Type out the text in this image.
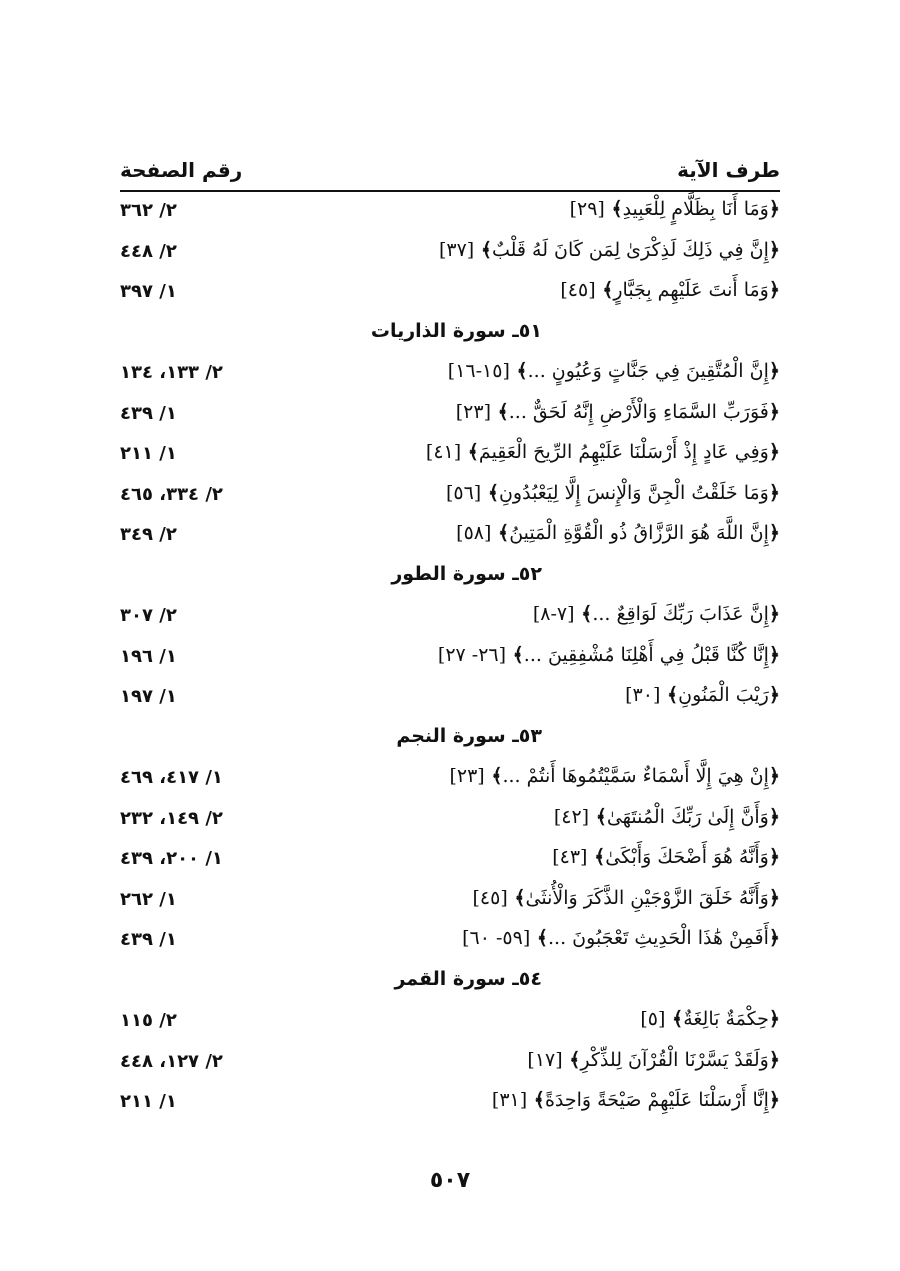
طرف الآية
رقم الصفحة
﴿وَمَا أَنَا بِظَلَّامٍ لِلْعَبِيدِ﴾ [٢٩]
٢/ ٣٦٢
﴿إِنَّ فِي ذَلِكَ لَذِكْرَىٰ لِمَن كَانَ لَهُ قَلْبٌ﴾ [٣٧]
٢/ ٤٤٨
﴿وَمَا أَنتَ عَلَيْهِم بِجَبَّارٍ﴾ [٤٥]
١/ ٣٩٧
٥١ـ سورة الذاريات
﴿إِنَّ الْمُتَّقِينَ فِي جَنَّاتٍ وَعُيُونٍ ...﴾ [١٥-١٦]
٢/ ١٣٣، ١٣٤
﴿فَوَرَبِّ السَّمَاءِ وَالْأَرْضِ إِنَّهُ لَحَقٌّ ...﴾ [٢٣]
١/ ٤٣٩
﴿وَفِي عَادٍ إِذْ أَرْسَلْنَا عَلَيْهِمُ الرِّيحَ الْعَقِيمَ﴾ [٤١]
١/ ٢١١
﴿وَمَا خَلَقْتُ الْجِنَّ وَالْإِنسَ إِلَّا لِيَعْبُدُونِ﴾ [٥٦]
٢/ ٣٣٤، ٤٦٥
﴿إِنَّ اللَّهَ هُوَ الرَّزَّاقُ ذُو الْقُوَّةِ الْمَتِينُ﴾ [٥٨]
٢/ ٣٤٩
٥٢ـ سورة الطور
﴿إِنَّ عَذَابَ رَبِّكَ لَوَاقِعٌ ...﴾ [٧-٨]
٢/ ٣٠٧
﴿إِنَّا كُنَّا قَبْلُ فِي أَهْلِنَا مُشْفِقِينَ ...﴾ [٢٦- ٢٧]
١/ ١٩٦
﴿رَيْبَ الْمَنُونِ﴾ [٣٠]
١/ ١٩٧
٥٣ـ سورة النجم
﴿إِنْ هِيَ إِلَّا أَسْمَاءٌ سَمَّيْتُمُوهَا أَنتُمْ ...﴾ [٢٣]
١/ ٤١٧، ٤٦٩
﴿وَأَنَّ إِلَىٰ رَبِّكَ الْمُنتَهَىٰ﴾ [٤٢]
٢/ ١٤٩، ٢٣٢
﴿وَأَنَّهُ هُوَ أَضْحَكَ وَأَبْكَىٰ﴾ [٤٣]
١/ ٢٠٠، ٤٣٩
﴿وَأَنَّهُ خَلَقَ الزَّوْجَيْنِ الذَّكَرَ وَالْأُنثَىٰ﴾ [٤٥]
١/ ٢٦٢
﴿أَفَمِنْ هَٰذَا الْحَدِيثِ تَعْجَبُونَ ...﴾ [٥٩- ٦٠]
١/ ٤٣٩
٥٤ـ سورة القمر
﴿حِكْمَةٌ بَالِغَةٌ﴾ [٥]
٢/ ١١٥
﴿وَلَقَدْ يَسَّرْنَا الْقُرْآنَ لِلذِّكْرِ﴾ [١٧]
٢/ ١٢٧، ٤٤٨
﴿إِنَّا أَرْسَلْنَا عَلَيْهِمْ صَيْحَةً وَاحِدَةً﴾ [٣١]
١/ ٢١١
٥٠٧
